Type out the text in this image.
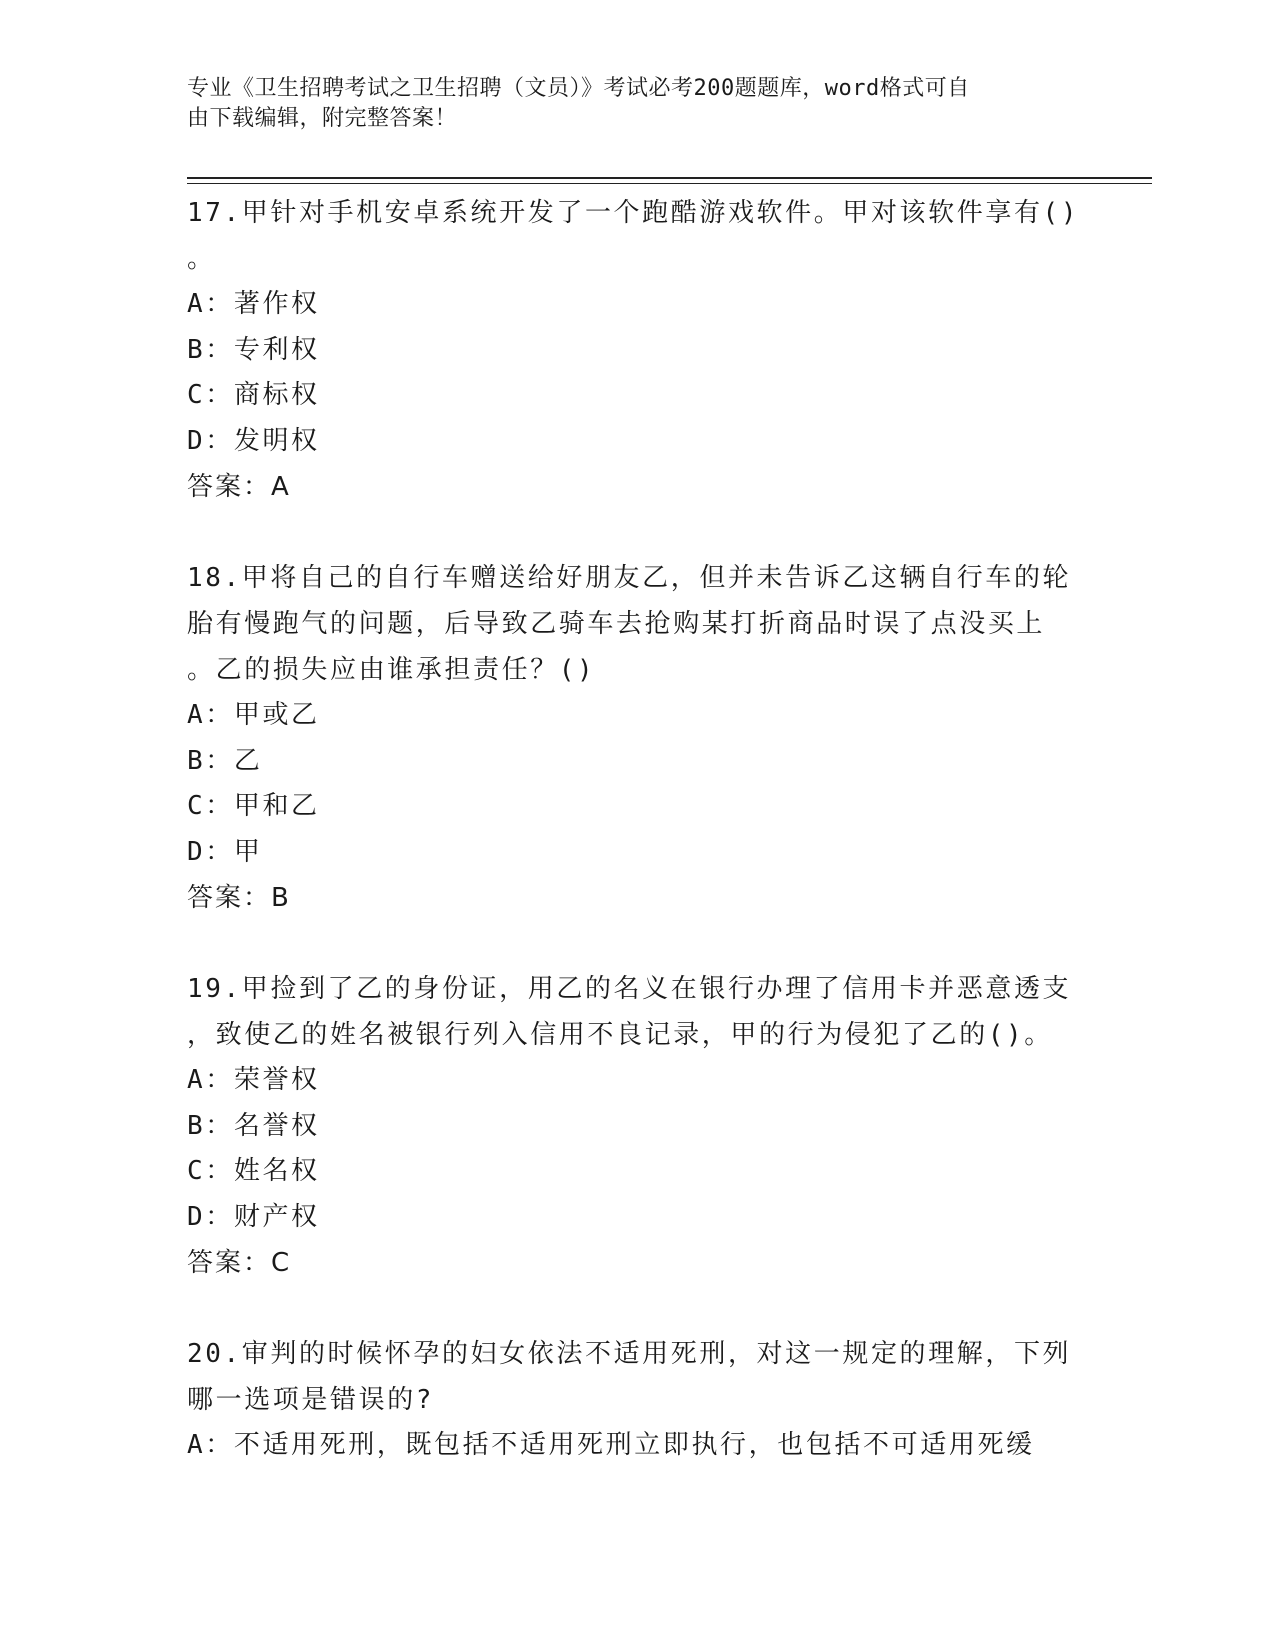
专业《卫生招聘考试之卫生招聘（文员）》考试必考200题题库，word格式可自
由下载编辑，附完整答案！
17.甲针对手机安卓系统开发了一个跑酷游戏软件。甲对该软件享有()
。
A：著作权
B：专利权
C：商标权
D：发明权
答案：A
18.甲将自己的自行车赠送给好朋友乙，但并未告诉乙这辆自行车的轮
胎有慢跑气的问题，后导致乙骑车去抢购某打折商品时误了点没买上
。乙的损失应由谁承担责任？()
A：甲或乙
B：乙
C：甲和乙
D：甲
答案：B
19.甲捡到了乙的身份证，用乙的名义在银行办理了信用卡并恶意透支
，致使乙的姓名被银行列入信用不良记录，甲的行为侵犯了乙的()。
A：荣誉权
B：名誉权
C：姓名权
D：财产权
答案：C
20.审判的时候怀孕的妇女依法不适用死刑，对这一规定的理解，下列
哪一选项是错误的?
A：不适用死刑，既包括不适用死刑立即执行，也包括不可适用死缓
